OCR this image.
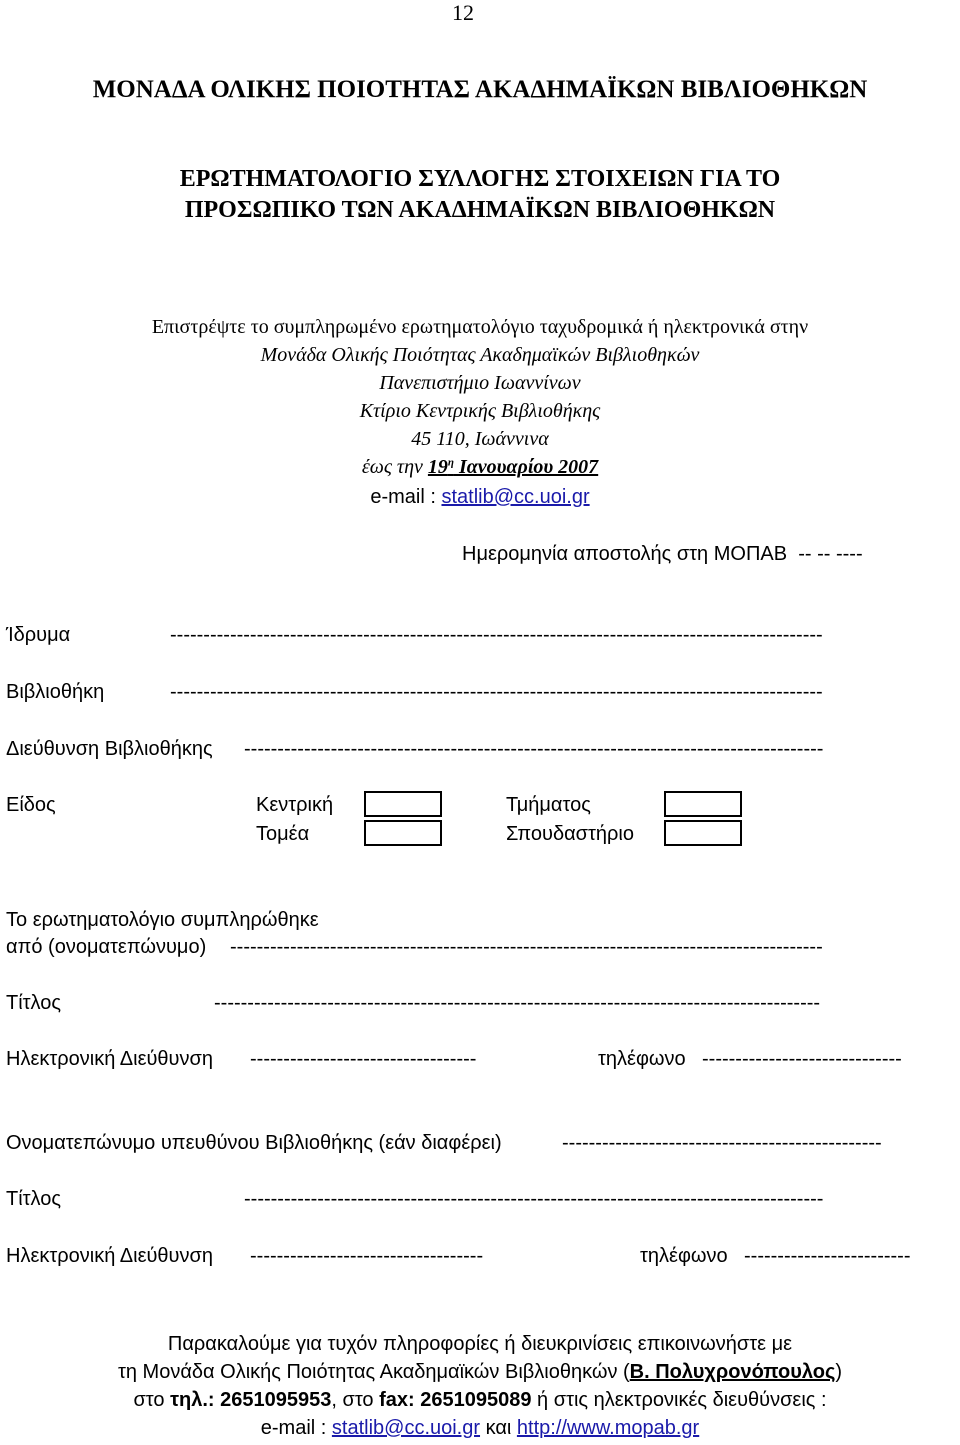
12
ΜΟΝΑΔΑ ΟΛΙΚΗΣ ΠΟΙΟΤΗΤΑΣ ΑΚΑΔΗΜΑΪΚΩΝ ΒΙΒΛΙΟΘΗΚΩΝ
ΕΡΩΤΗΜΑΤΟΛΟΓΙΟ ΣΥΛΛΟΓΗΣ ΣΤΟΙΧΕΙΩΝ ΓΙΑ ΤΟ
ΠΡΟΣΩΠΙΚΟ ΤΩΝ ΑΚΑΔΗΜΑΪΚΩΝ ΒΙΒΛΙΟΘΗΚΩΝ
Επιστρέψτε το συμπληρωμένο ερωτηματολόγιο ταχυδρομικά ή ηλεκτρονικά στην
Μονάδα Ολικής Ποιότητας Ακαδημαϊκών Βιβλιοθηκών
Πανεπιστήμιο Ιωαννίνων
Κτίριο Κεντρικής Βιβλιοθήκης
45 110, Ιωάννινα
έως την $19^\eta$ Ιανουαρίου 2007
e-mail : statlib@cc.uoi.gr
Ημερομηνία αποστολής στη ΜΟΠΑΒ -- -- ----
Ίδρυμα	--------------------------------------------------------------------------------------------------
Βιβλιοθήκη	--------------------------------------------------------------------------------------------------
Διεύθυνση Βιβλιοθήκης ---------------------------------------------------------------------------------------
Είδος	Κεντρική	Τμήματος
Τομέα	Σπουδαστήριο
Το ερωτηματολόγιο συμπληρώθηκε
από (ονοματεπώνυμο) -----------------------------------------------------------------------------------------
Τίτλος	-------------------------------------------------------------------------------------------
Ηλεκτρονική Διεύθυνση ----------------------------------	τηλέφωνο ------------------------------
Ονοματεπώνυμο υπευθύνου Βιβλιοθήκης (εάν διαφέρει)	------------------------------------------------
Τίτλος	---------------------------------------------------------------------------------------
Ηλεκτρονική Διεύθυνση -----------------------------------	τηλέφωνο -------------------------
Παρακαλούμε για τυχόν πληροφορίες ή διευκρινίσεις επικοινωνήστε με
τη Μονάδα Ολικής Ποιότητας Ακαδημαϊκών Βιβλιοθηκών (Β. Πολυχρονόπουλος)
στο τηλ.: 2651095953, στο fax: 2651095089 ή στις ηλεκτρονικές διευθύνσεις :
e-mail : statlib@cc.uoi.gr και http://www.mopab.gr
